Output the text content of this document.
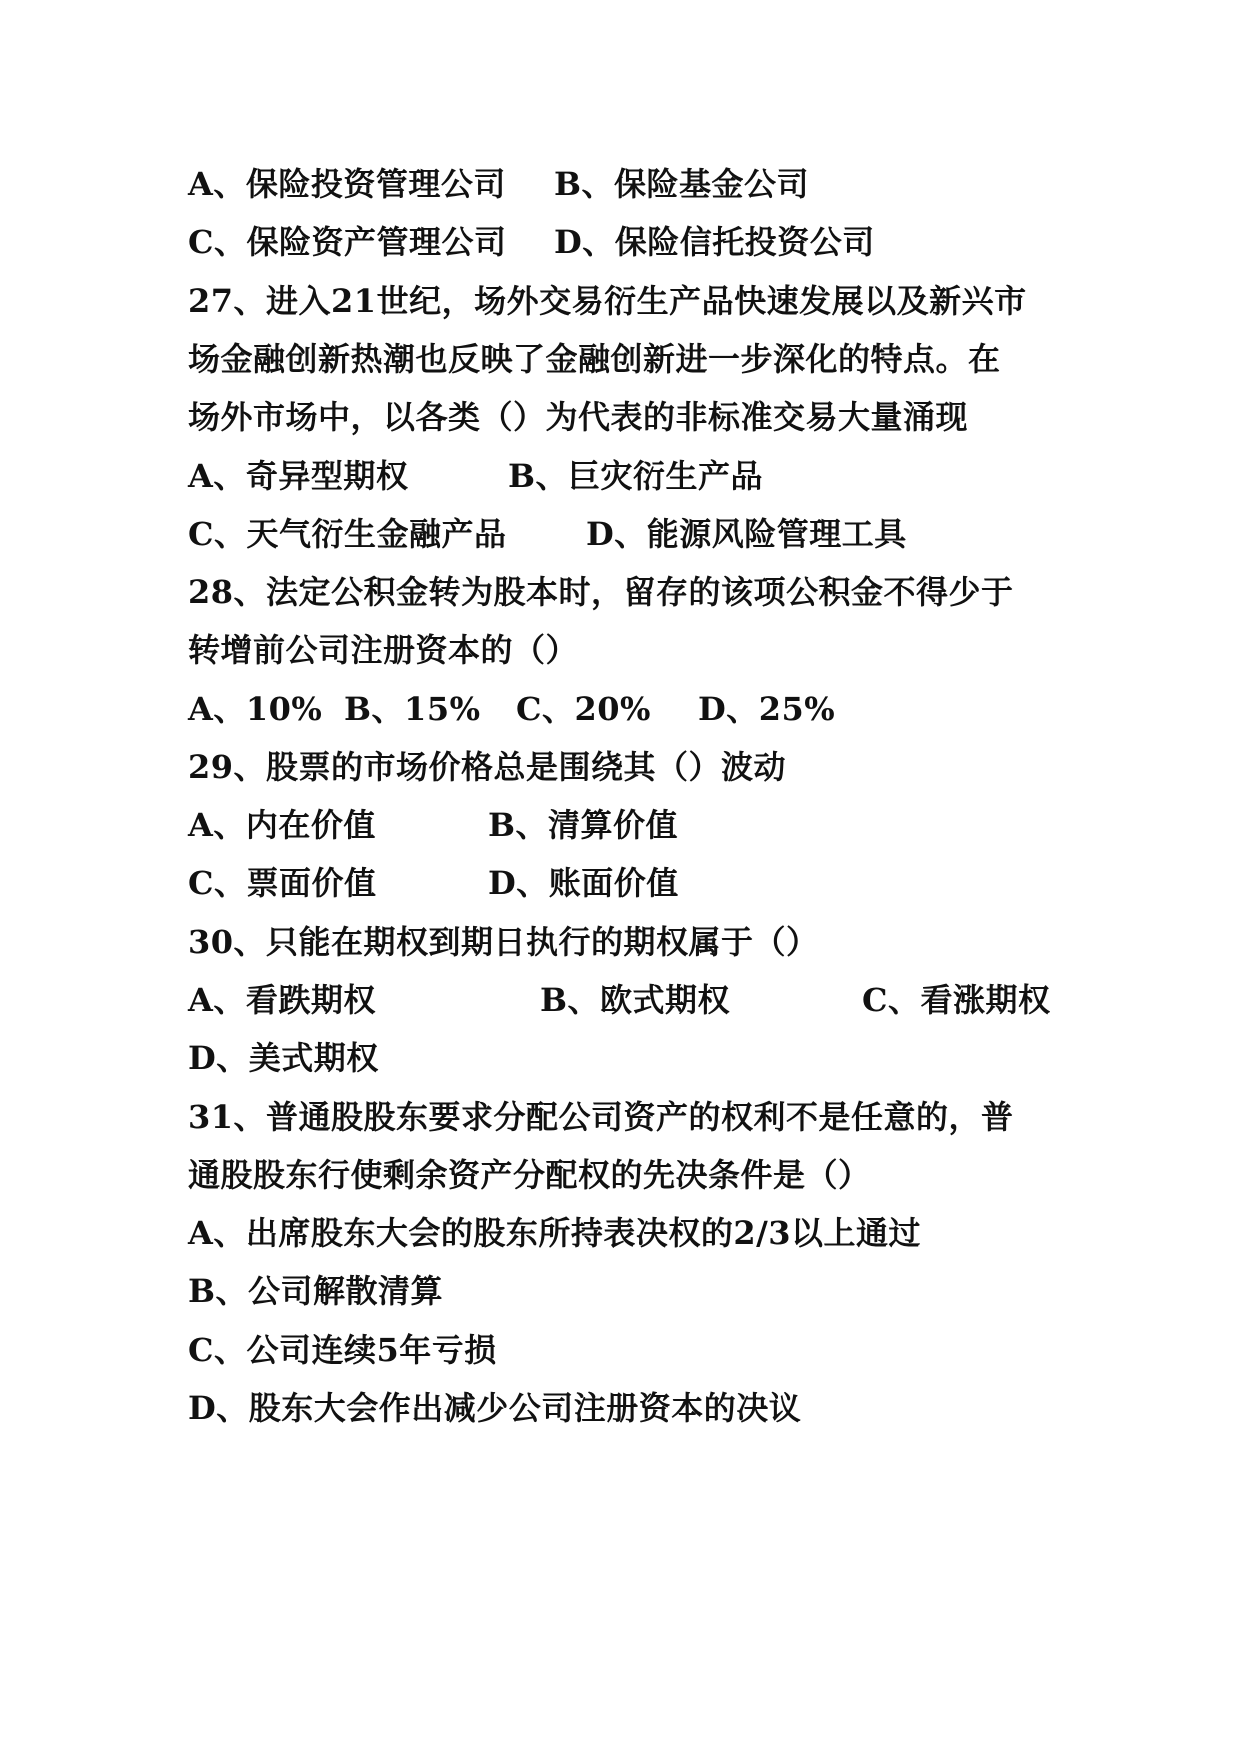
A、保险投资管理公司 B、保险基金公司
C、保险资产管理公司 D、保险信托投资公司
27、进入21世纪，场外交易衍生产品快速发展以及新兴市
场金融创新热潮也反映了金融创新进一步深化的特点。在
场外市场中，以各类（）为代表的非标准交易大量涌现
A、奇异型期权	B、巨灾衍生产品
C、天气衍生金融产品 D、能源风险管理工具
28、法定公积金转为股本时，留存的该项公积金不得少于
转增前公司注册资本的（）
A、10% B、15% C、20% D、25%
29、股票的市场价格总是围绕其（）波动
A、内在价值	B、清算价值
C、票面价值	D、账面价值
30、只能在期权到期日执行的期权属于（）
A、看跌期权	B、欧式期权	C、看涨期权
D、美式期权
31、普通股股东要求分配公司资产的权利不是任意的，普
通股股东行使剩余资产分配权的先决条件是（）
A、出席股东大会的股东所持表决权的2/3以上通过
B、公司解散清算
C、公司连续5年亏损
D、股东大会作出减少公司注册资本的决议
